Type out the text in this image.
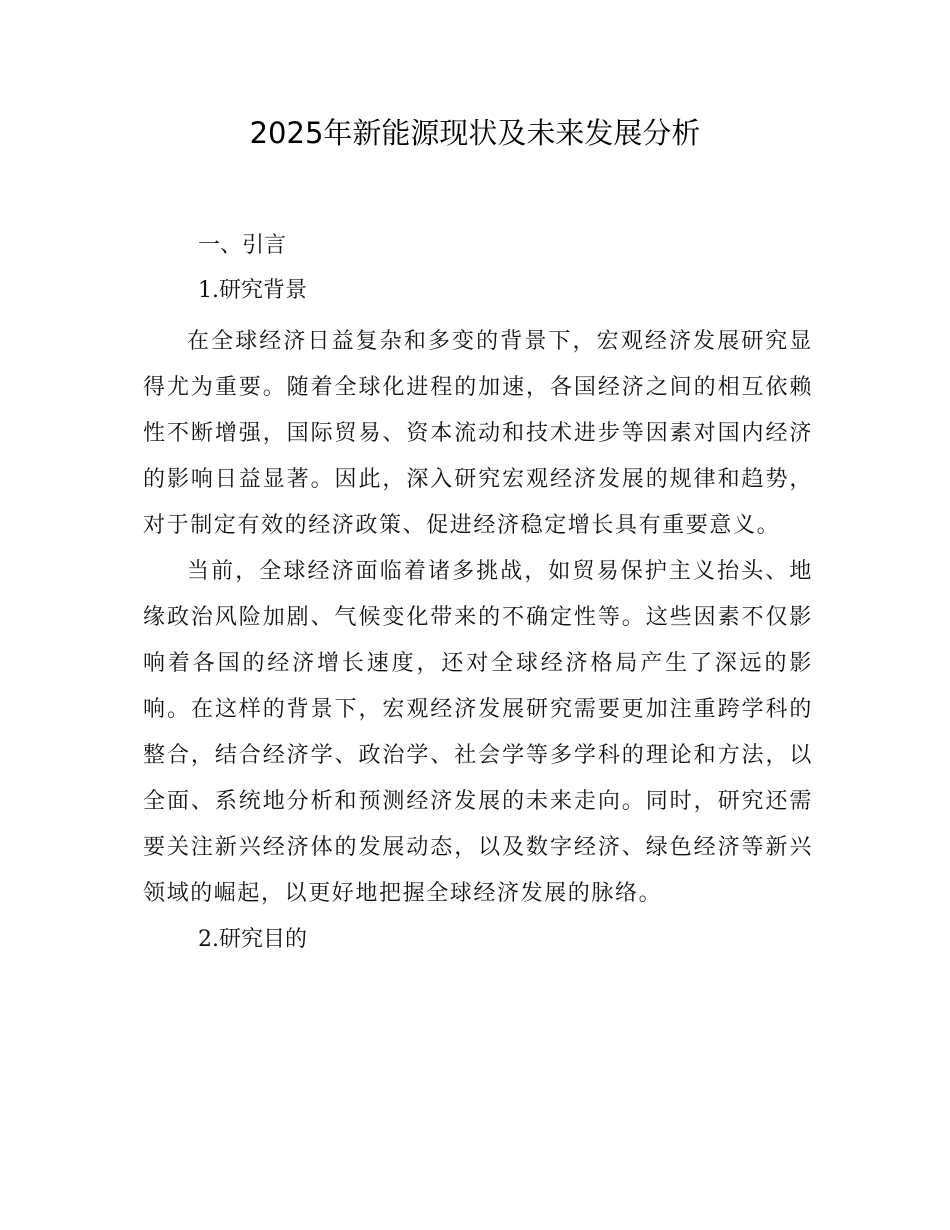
2025年新能源现状及未来发展分析
一、引言
1.研究背景

在全球经济日益复杂和多变的背景下，宏观经济发展研究显得尤为重要。随着全球化进程的加速，各国经济之间的相互依赖性不断增强，国际贸易、资本流动和技术进步等因素对国内经济的影响日益显著。因此，深入研究宏观经济发展的规律和趋势，对于制定有效的经济政策、促进经济稳定增长具有重要意义。

当前，全球经济面临着诸多挑战，如贸易保护主义抬头、地缘政治风险加剧、气候变化带来的不确定性等。这些因素不仅影响着各国的经济增长速度，还对全球经济格局产生了深远的影响。在这样的背景下，宏观经济发展研究需要更加注重跨学科的整合，结合经济学、政治学、社会学等多学科的理论和方法，以全面、系统地分析和预测经济发展的未来走向。同时，研究还需要关注新兴经济体的发展动态，以及数字经济、绿色经济等新兴领域的崛起，以更好地把握全球经济发展的脉络。

2.研究目的
